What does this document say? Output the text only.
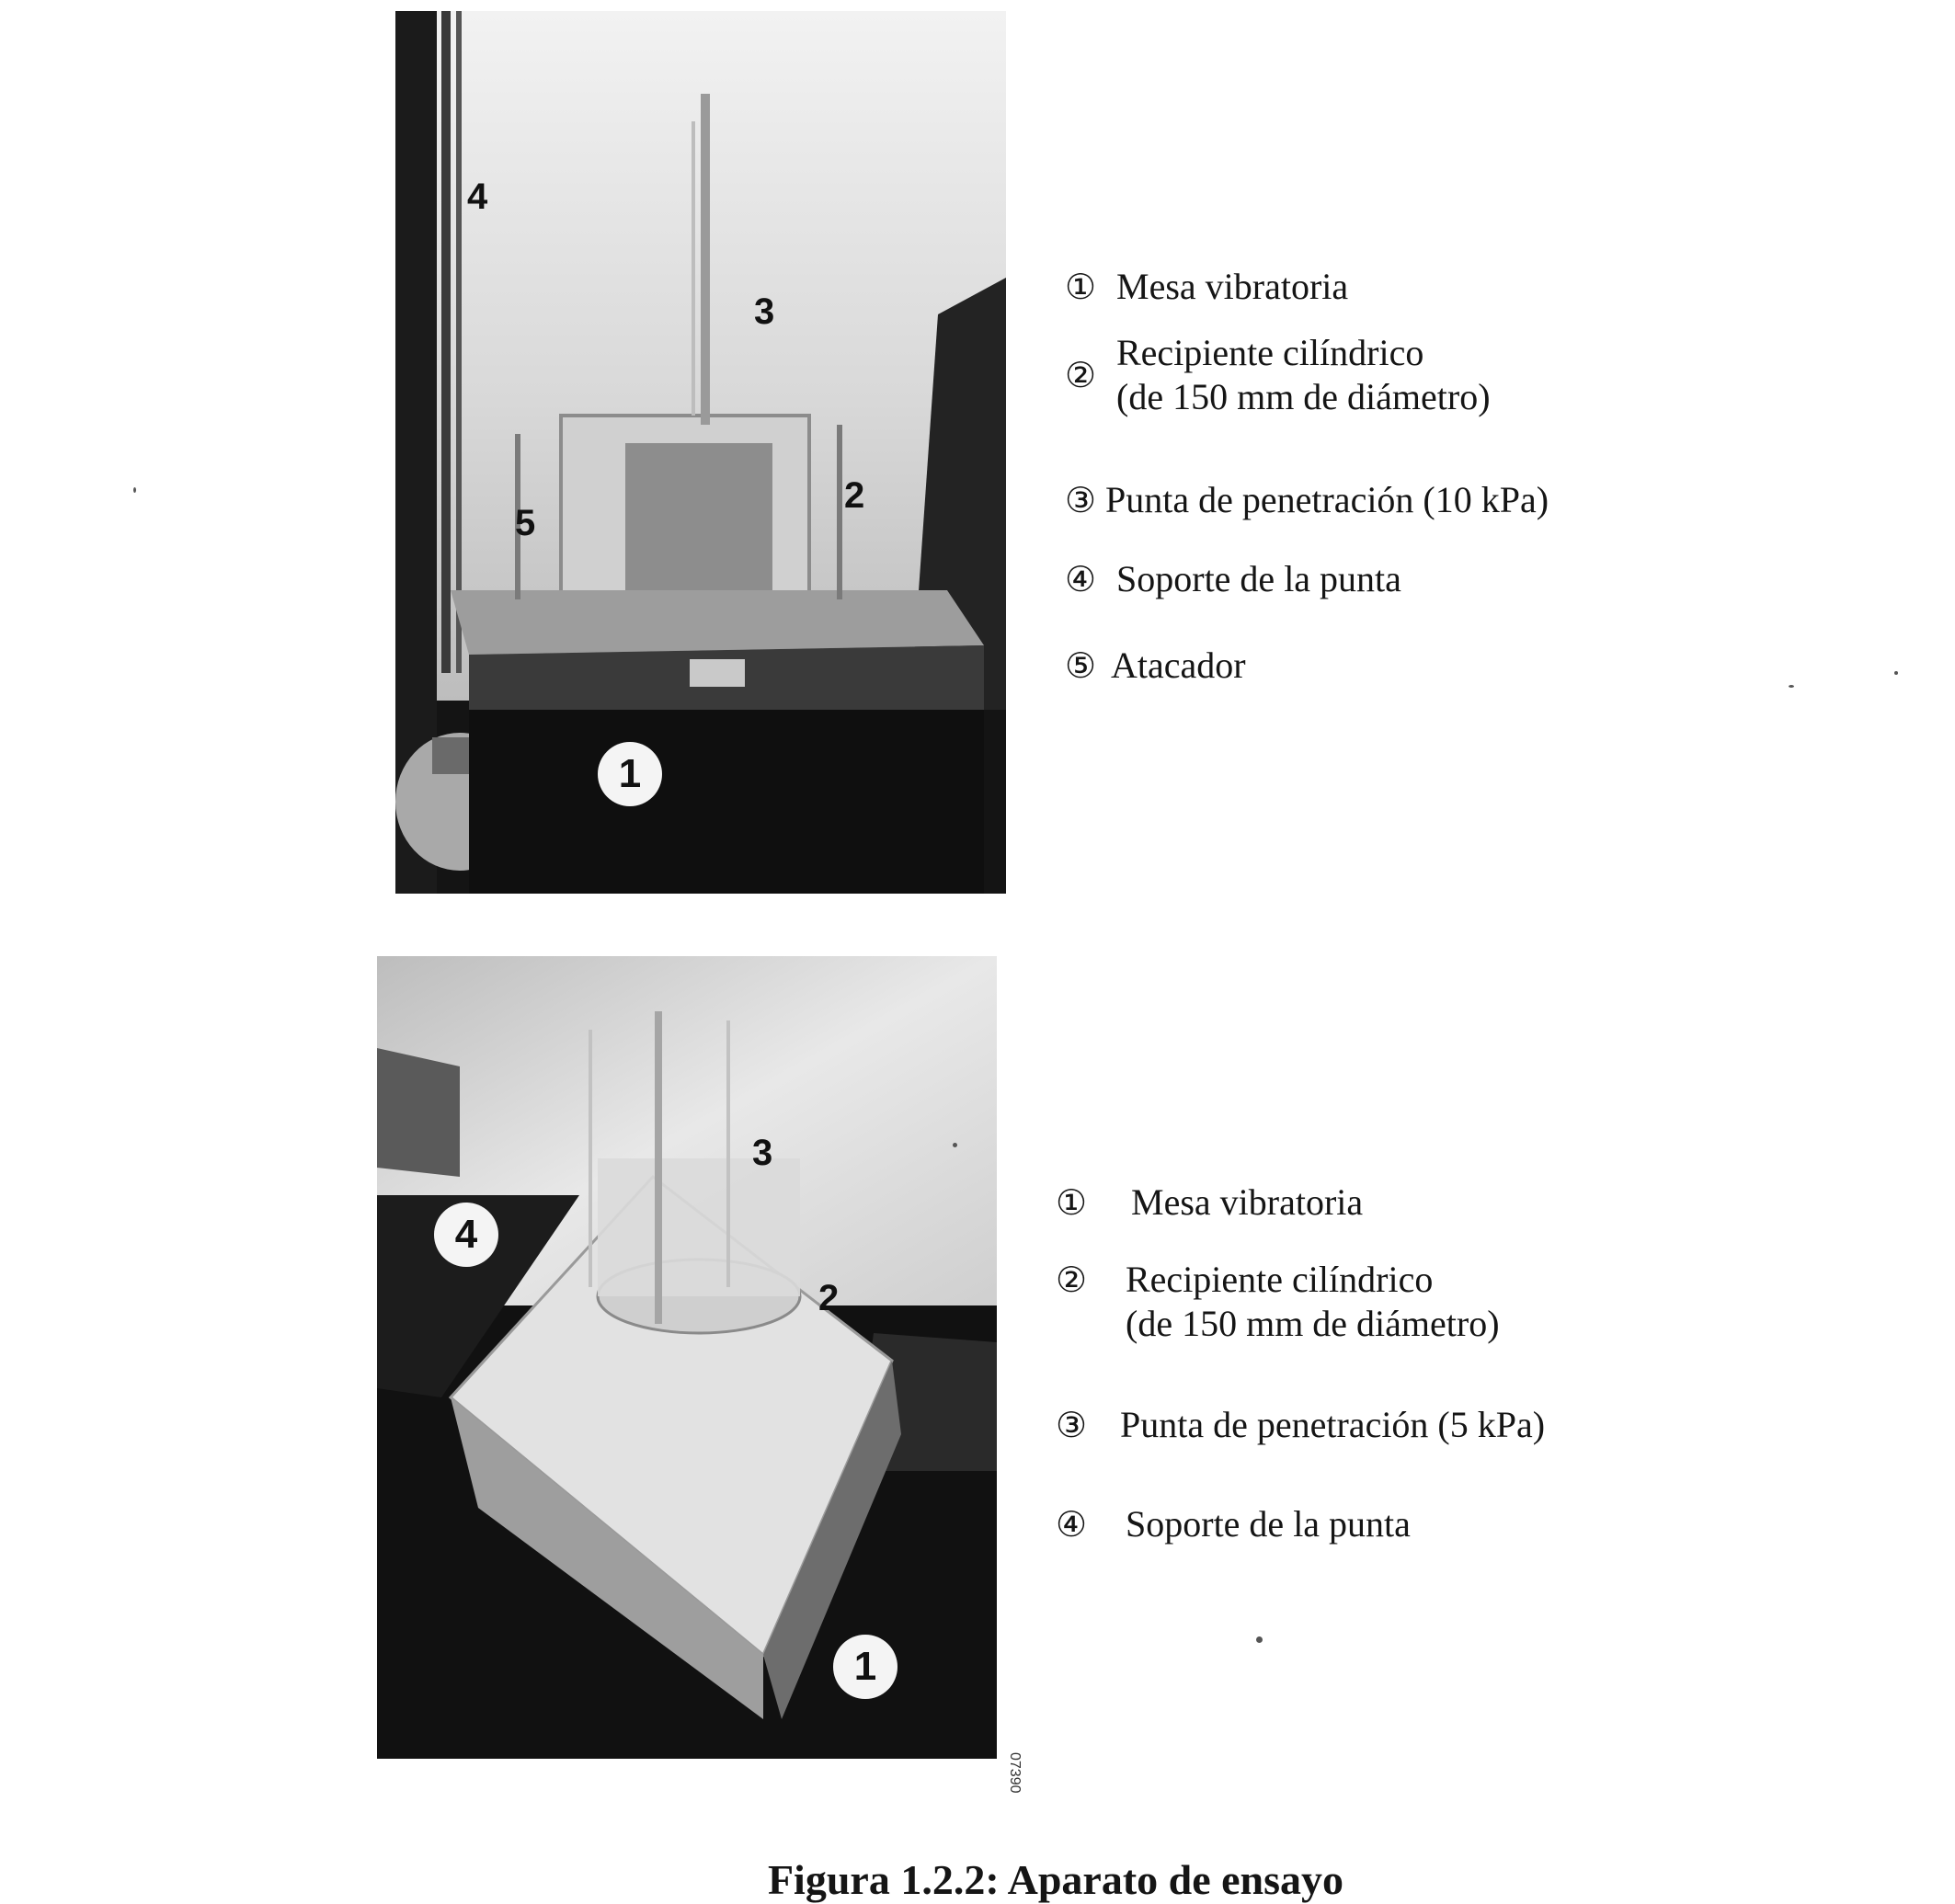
1
2
3
4
5
① Mesa vibratoria
②
Recipiente cilíndrico
(de 150 mm de diámetro)
③ Punta de penetración (10 kPa)
④ Soporte de la punta
⑤ Atacador
3
2
4
1
①	Mesa vibratoria
②	Recipiente cilíndrico
(de 150 mm de diámetro)
③ Punta de penetración (5 kPa)
④	Soporte de la punta
07390
Figura 1.2.2: Aparato de ensayo
